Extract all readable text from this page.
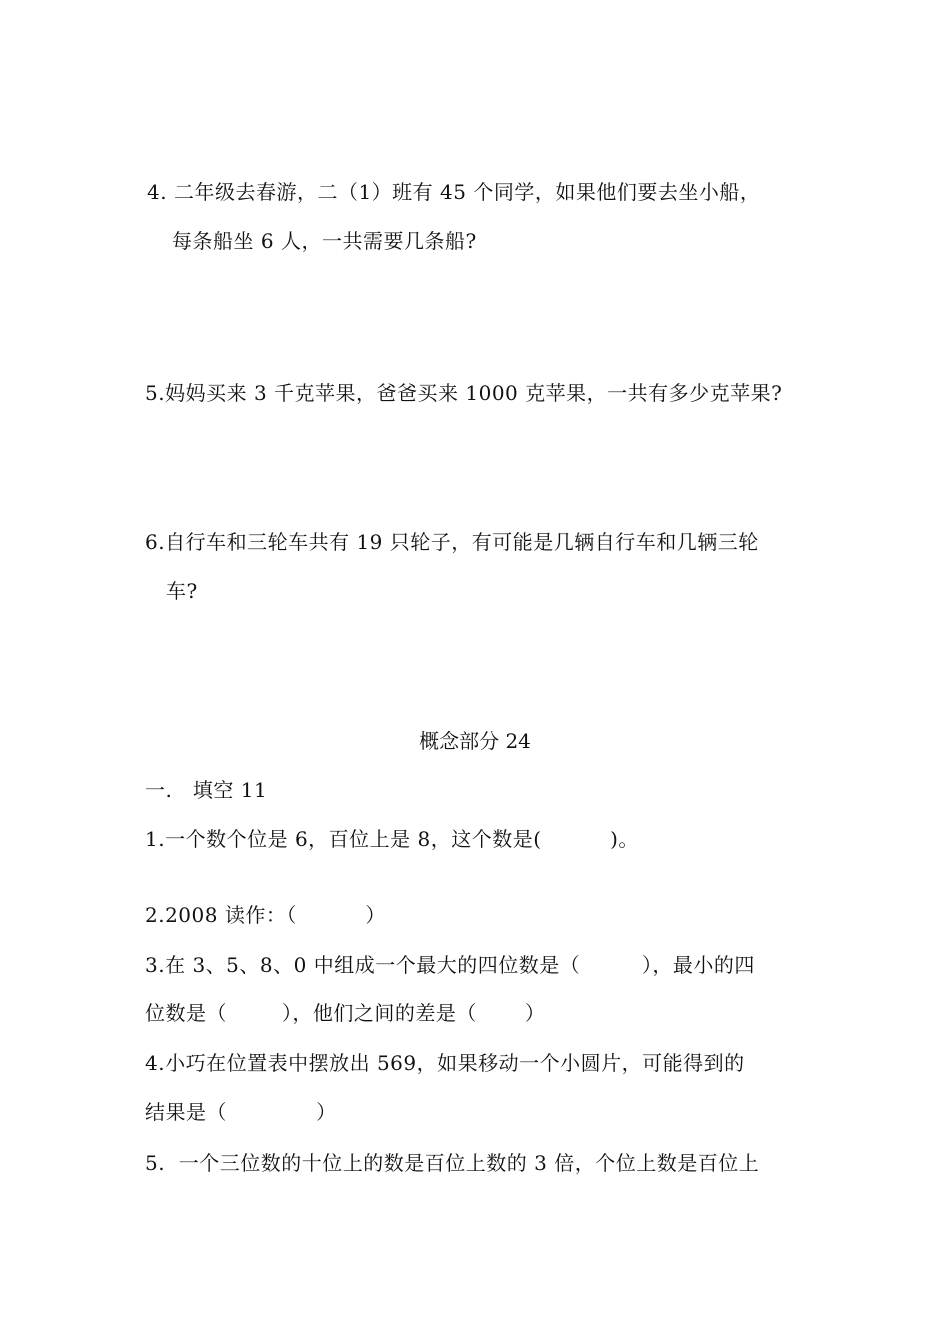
4. 二年级去春游，二（1）班有 45 个同学，如果他们要去坐小船，
每条船坐 6 人，一共需要几条船?
5.妈妈买来 3 千克苹果，爸爸买来 1000 克苹果，一共有多少克苹果?
6.自行车和三轮车共有 19 只轮子，有可能是几辆自行车和几辆三轮
车?
概念部分 24
一.   填空 11
1.一个数个位是 6，百位上是 8，这个数是(          )。
2.2008 读作：（          ）
3.在 3、5、8、0 中组成一个最大的四位数是（         ），最小的四
位数是（        ），他们之间的差是（       ）
4.小巧在位置表中摆放出 569，如果移动一个小圆片，可能得到的
结果是（             ）
5.  一个三位数的十位上的数是百位上数的 3 倍，个位上数是百位上
